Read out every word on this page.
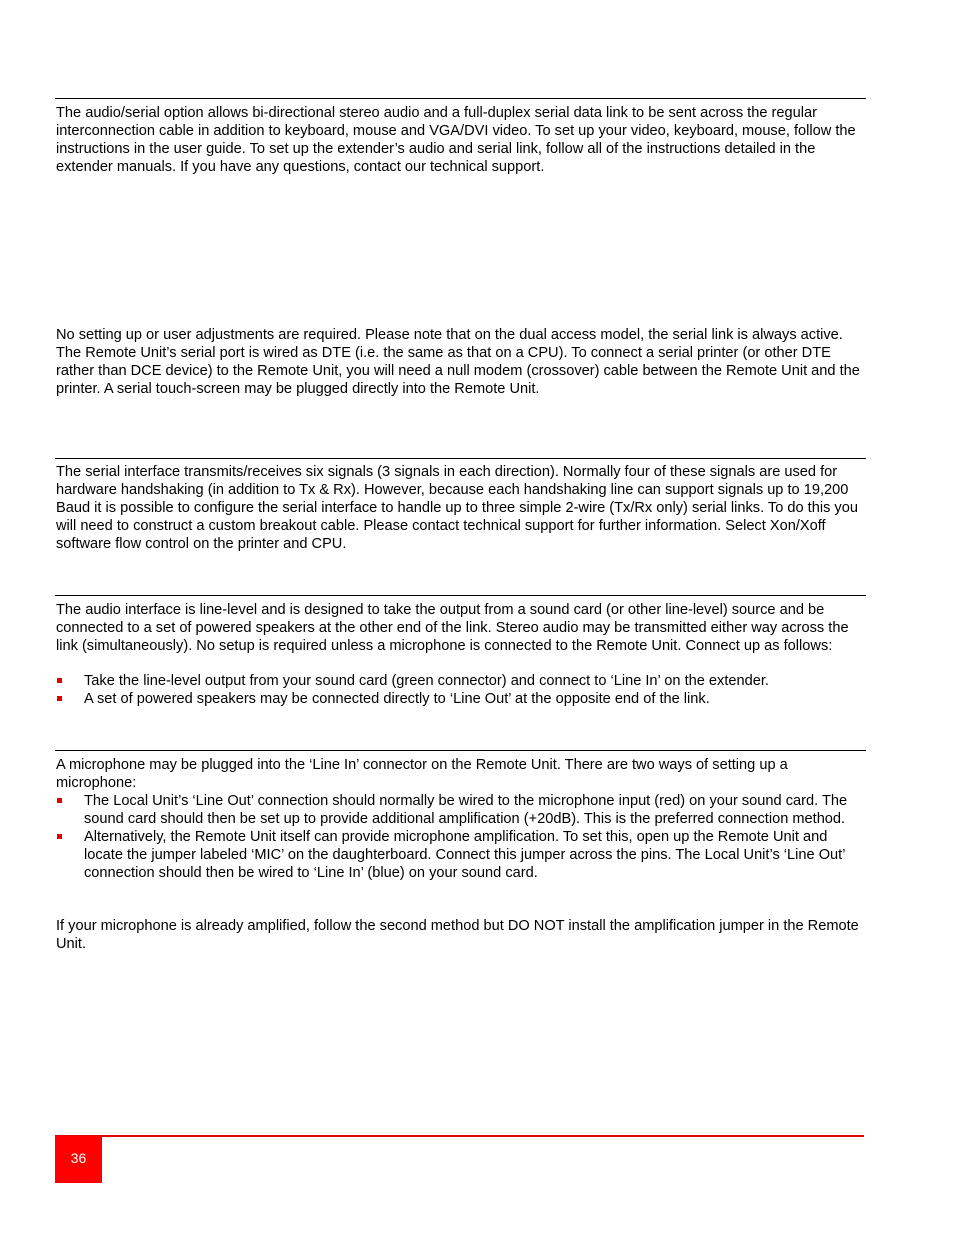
The audio/serial option allows bi-directional stereo audio and a full-duplex serial data link to be sent across the regular interconnection cable in addition to keyboard, mouse and VGA/DVI video. To set up your video, keyboard, mouse, follow the instructions in the user guide. To set up the extender’s audio and serial link, follow all of the instructions detailed in the extender manuals. If you have any questions, contact our technical support.

No setting up or user adjustments are required. Please note that on the dual access model, the serial link is always active. The Remote Unit’s serial port is wired as DTE (i.e. the same as that on a CPU). To connect a serial printer (or other DTE rather than DCE device) to the Remote Unit, you will need a null modem (crossover) cable between the Remote Unit and the printer. A serial touch-screen may be plugged directly into the Remote Unit.

The serial interface transmits/receives six signals (3 signals in each direction). Normally four of these signals are used for hardware handshaking (in addition to Tx & Rx). However, because each handshaking line can support signals up to 19,200 Baud it is possible to configure the serial interface to handle up to three simple 2-wire (Tx/Rx only) serial links. To do this you will need to construct a custom breakout cable. Please contact technical support for further information. Select Xon/Xoff software flow control on the printer and CPU.

The audio interface is line-level and is designed to take the output from a sound card (or other line-level) source and be connected to a set of powered speakers at the other end of the link. Stereo audio may be transmitted either way across the link (simultaneously). No setup is required unless a microphone is connected to the Remote Unit. Connect up as follows:

Take the line-level output from your sound card (green connector) and connect to ‘Line In’ on the extender.
A set of powered speakers may be connected directly to ‘Line Out’ at the opposite end of the link.

A microphone may be plugged into the ‘Line In’ connector on the Remote Unit. There are two ways of setting up a microphone:

The Local Unit’s ‘Line Out’ connection should normally be wired to the microphone input (red) on your sound card. The sound card should then be set up to provide additional amplification (+20dB). This is the preferred connection method.
Alternatively, the Remote Unit itself can provide microphone amplification. To set this, open up the Remote Unit and locate the jumper labeled ‘MIC’ on the daughterboard. Connect this jumper across the pins. The Local Unit’s ‘Line Out’ connection should then be wired to ‘Line In’ (blue) on your sound card.

If your microphone is already amplified, follow the second method but DO NOT install the amplification jumper in the Remote Unit.

36
